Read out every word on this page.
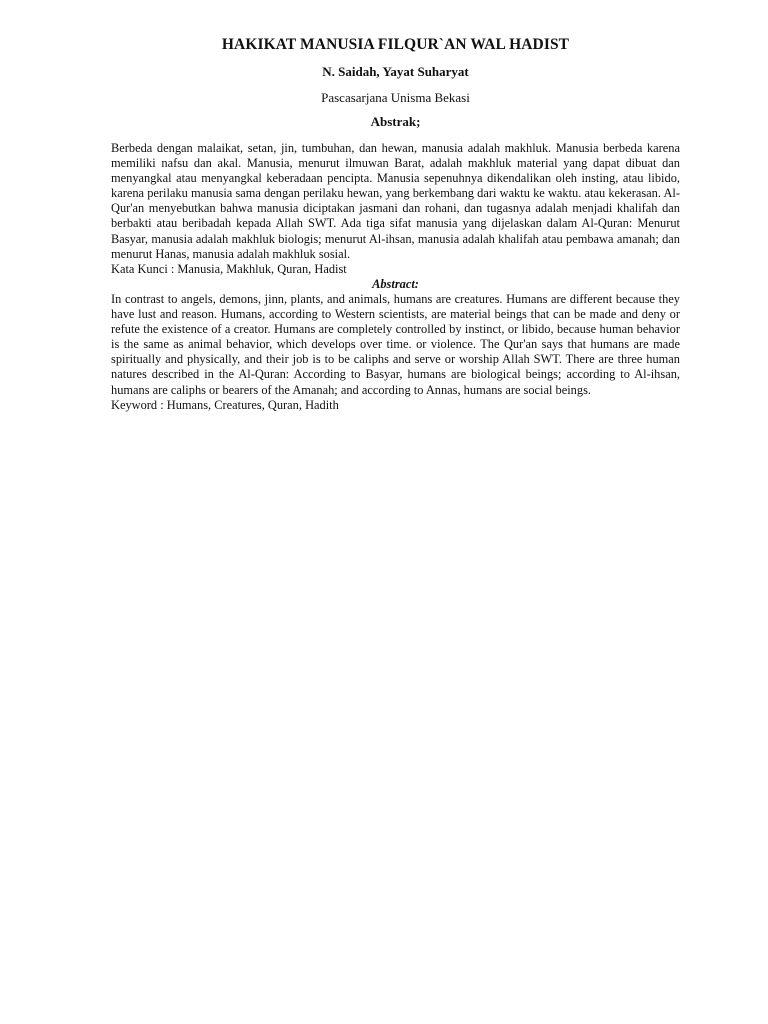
HAKIKAT MANUSIA FILQUR`AN WAL HADIST

N. Saidah, Yayat Suharyat

Pascasarjana Unisma Bekasi

Abstrak;

Berbeda dengan malaikat, setan, jin, tumbuhan, dan hewan, manusia adalah makhluk. Manusia berbeda karena memiliki nafsu dan akal. Manusia, menurut ilmuwan Barat, adalah makhluk material yang dapat dibuat dan menyangkal atau menyangkal keberadaan pencipta. Manusia sepenuhnya dikendalikan oleh insting, atau libido, karena perilaku manusia sama dengan perilaku hewan, yang berkembang dari waktu ke waktu. atau kekerasan. Al-Qur'an menyebutkan bahwa manusia diciptakan jasmani dan rohani, dan tugasnya adalah menjadi khalifah dan berbakti atau beribadah kepada Allah SWT. Ada tiga sifat manusia yang dijelaskan dalam Al-Quran: Menurut Basyar, manusia adalah makhluk biologis; menurut Al-ihsan, manusia adalah khalifah atau pembawa amanah; dan menurut Hanas, manusia adalah makhluk sosial.

Kata Kunci : Manusia, Makhluk, Quran, Hadist

Abstract:

In contrast to angels, demons, jinn, plants, and animals, humans are creatures. Humans are different because they have lust and reason. Humans, according to Western scientists, are material beings that can be made and deny or refute the existence of a creator. Humans are completely controlled by instinct, or libido, because human behavior is the same as animal behavior, which develops over time. or violence. The Qur'an says that humans are made spiritually and physically, and their job is to be caliphs and serve or worship Allah SWT. There are three human natures described in the Al-Quran: According to Basyar, humans are biological beings; according to Al-ihsan, humans are caliphs or bearers of the Amanah; and according to Annas, humans are social beings.

Keyword : Humans, Creatures, Quran, Hadith
